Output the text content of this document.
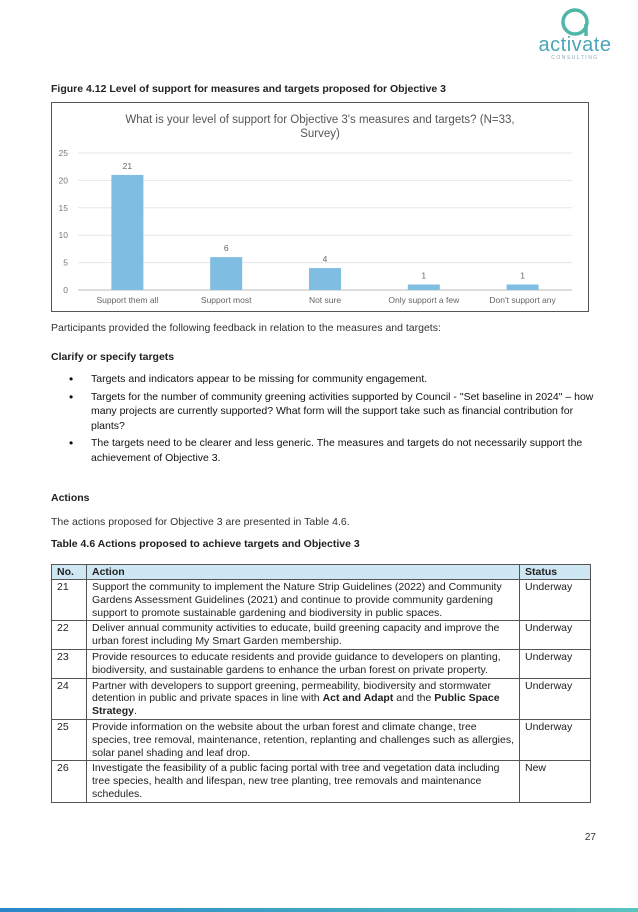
activate
CONSULTING
Figure 4.12 Level of support for measures and targets proposed for Objective 3
What is your level of support for Objective 3's measures and targets? (N=33,
Survey)
0
5
10
15
20
25
21
Support them all
6
Support most
4
Not sure
1
Only support a few
1
Don't support any
Participants provided the following feedback in relation to the measures and targets:
Clarify or specify targets
• Targets and indicators appear to be missing for community engagement.
• Targets for the number of community greening activities supported by Council - "Set baseline in 2024" – how many projects are currently supported? What form will the support take such as financial contribution for plants?
• The targets need to be clearer and less generic. The measures and targets do not necessarily support the achievement of Objective 3.
Actions
The actions proposed for Objective 3 are presented in Table 4.6.
Table 4.6 Actions proposed to achieve targets and Objective 3
No.	Action	Status
21	Support the community to implement the Nature Strip Guidelines (2022) and Community Gardens Assessment Guidelines (2021) and continue to provide community gardening support to promote sustainable gardening and biodiversity in public spaces.	Underway
22	Deliver annual community activities to educate, build greening capacity and improve the urban forest including My Smart Garden membership.	Underway
23	Provide resources to educate residents and provide guidance to developers on planting, biodiversity, and sustainable gardens to enhance the urban forest on private property.	Underway
24	Partner with developers to support greening, permeability, biodiversity and stormwater detention in public and private spaces in line with Act and Adapt and the Public Space Strategy.	Underway
25	Provide information on the website about the urban forest and climate change, tree species, tree removal, maintenance, retention, replanting and challenges such as allergies, solar panel shading and leaf drop.	Underway
26	Investigate the feasibility of a public facing portal with tree and vegetation data including tree species, health and lifespan, new tree planting, tree removals and maintenance schedules.	New
27
